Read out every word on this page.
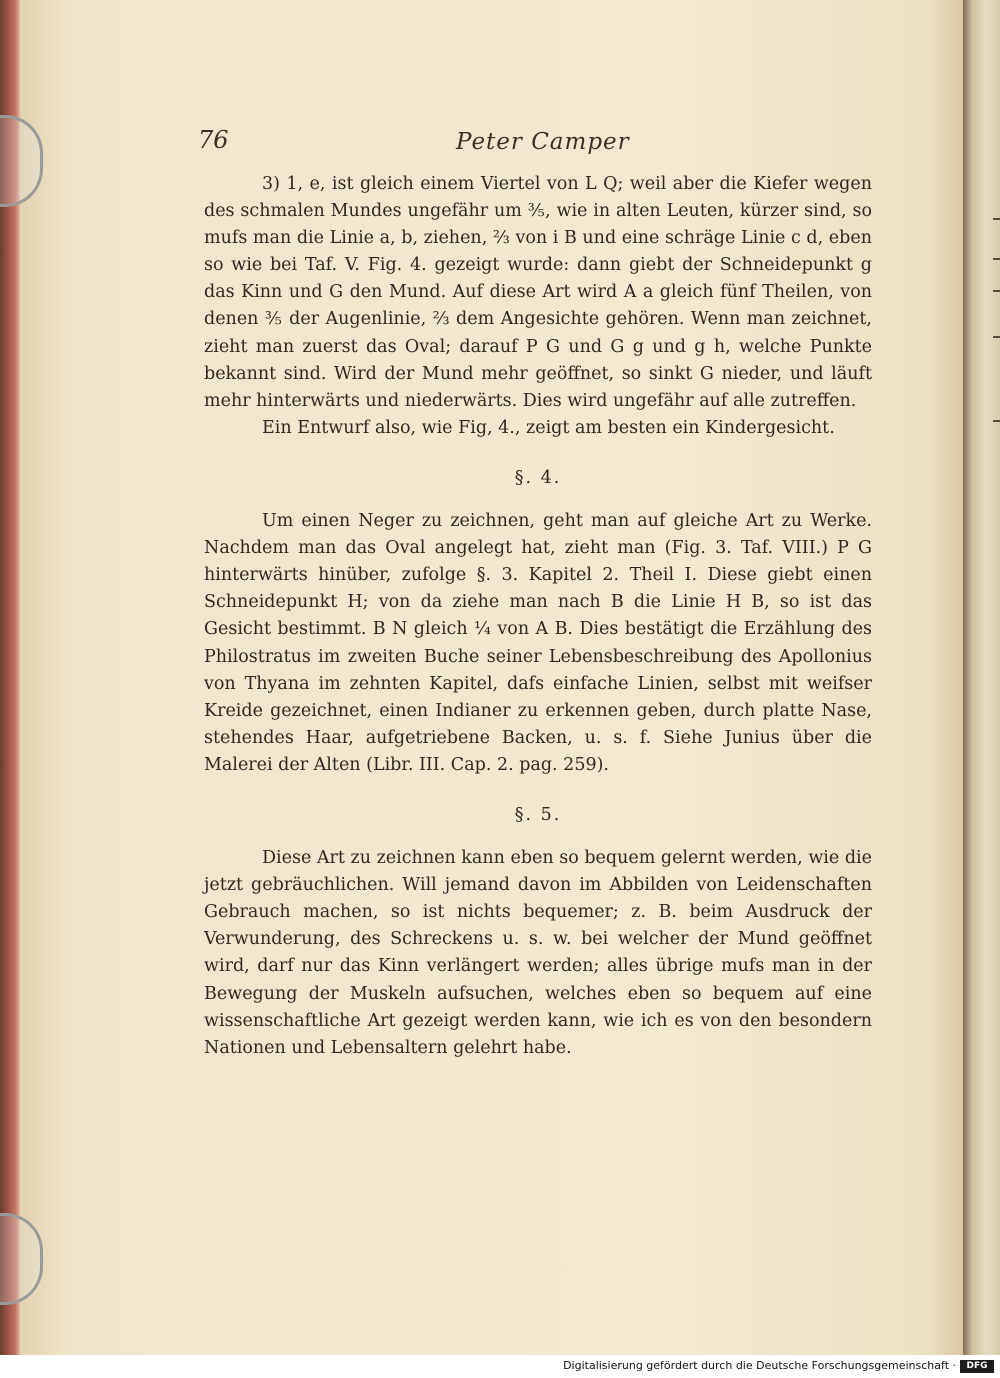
76	Peter Camper

3) 1, e, ist gleich einem Viertel von L Q; weil aber die Kiefer wegen des schmalen Mundes ungefähr um ⅗, wie in alten Leuten, kürzer sind, so mufs man die Linie a, b, ziehen, ⅔ von i B und eine schräge Linie c d, eben so wie bei Taf. V. Fig. 4. gezeigt wurde: dann giebt der Schneidepunkt g das Kinn und G den Mund. Auf diese Art wird A a gleich fünf Theilen, von denen ⅗ der Augenlinie, ⅔ dem Angesichte gehören. Wenn man zeichnet, zieht man zuerst das Oval; darauf P G und G g und g h, welche Punkte bekannt sind. Wird der Mund mehr geöffnet, so sinkt G nieder, und läuft mehr hinterwärts und niederwärts. Dies wird ungefähr auf alle zutreffen.

Ein Entwurf also, wie Fig, 4., zeigt am besten ein Kindergesicht.

§. 4.

Um einen Neger zu zeichnen, geht man auf gleiche Art zu Werke. Nachdem man das Oval angelegt hat, zieht man (Fig. 3. Taf. VIII.) P G hinterwärts hinüber, zufolge §. 3. Kapitel 2. Theil I. Diese giebt einen Schneidepunkt H; von da ziehe man nach B die Linie H B, so ist das Gesicht bestimmt. B N gleich ¼ von A B. Dies bestätigt die Erzählung des Philostratus im zweiten Buche seiner Lebensbeschreibung des Apollonius von Thyana im zehnten Kapitel, dafs einfache Linien, selbst mit weifser Kreide gezeichnet, einen Indianer zu erkennen geben, durch platte Nase, stehendes Haar, aufgetriebene Backen, u. s. f. Siehe Junius über die Malerei der Alten (Libr. III. Cap. 2. pag. 259).

§. 5.

Diese Art zu zeichnen kann eben so bequem gelernt werden, wie die jetzt gebräuchlichen. Will jemand davon im Abbilden von Leidenschaften Gebrauch machen, so ist nichts bequemer; z. B. beim Ausdruck der Verwunderung, des Schreckens u. s. w. bei welcher der Mund geöffnet wird, darf nur das Kinn verlängert werden; alles übrige mufs man in der Bewegung der Muskeln aufsuchen, welches eben so bequem auf eine wissenschaftliche Art gezeigt werden kann, wie ich es von den besondern Nationen und Lebensaltern gelehrt habe.

Digitalisierung gefördert durch die Deutsche Forschungsgemeinschaft ·	DFG
